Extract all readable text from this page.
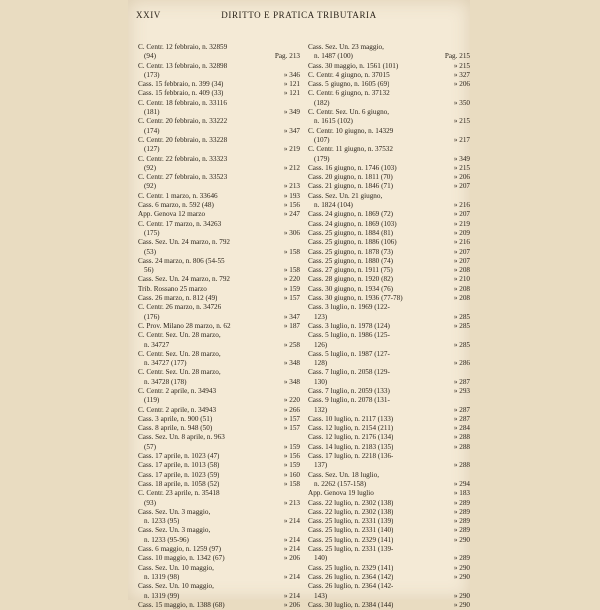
XXIV	DIRITTO E PRATICA TRIBUTARIA
C. Centr. 12 febbraio, n. 32859
(94)	Pag. 213
C. Centr. 13 febbraio, n. 32898
(173)	» 346
Cass. 15 febbraio, n. 399 (34)	» 121
Cass. 15 febbraio, n. 409 (33)	» 121
C. Centr. 18 febbraio, n. 33116
(181)	» 349
C. Centr. 20 febbraio, n. 33222
(174)	» 347
C. Centr. 20 febbraio, n. 33228
(127)	» 219
C. Centr. 22 febbraio, n. 33323
(92)	» 212
C. Centr. 27 febbraio, n. 33523
(92)	» 213
C. Centr. 1 marzo, n. 33646	» 193
Cass. 6 marzo, n. 592 (48)	» 156
App. Genova 12 marzo	» 247
C. Centr. 17 marzo, n. 34263
(175)	» 306
Cass. Sez. Un. 24 marzo, n. 792
(53)	» 158
Cass. 24 marzo, n. 806 (54-55
56)	» 158
Cass. Sez. Un. 24 marzo, n. 792	» 220
Trib. Rossano 25 marzo	» 159
Cass. 26 marzo, n. 812 (49)	» 157
C. Centr. 26 marzo, n. 34726
(176)	» 347
C. Prov. Milano 28 marzo, n. 62	» 187
C. Centr. Sez. Un. 28 marzo,
n. 34727	» 258
C. Centr. Sez. Un. 28 marzo,
n. 34727 (177)	» 348
C. Centr. Sez. Un. 28 marzo,
n. 34728 (178)	» 348
C. Centr. 2 aprile, n. 34943
(119)	» 220
C. Centr. 2 aprile, n. 34943	» 266
Cass. 3 aprile, n. 900 (51)	» 157
Cass. 8 aprile, n. 948 (50)	» 157
Cass. Sez. Un. 8 aprile, n. 963
(57)	» 159
Cass. 17 aprile, n. 1023 (47)	» 156
Cass. 17 aprile, n. 1013 (58)	» 159
Cass. 17 aprile, n. 1023 (59)	» 160
Cass. 18 aprile, n. 1058 (52)	» 158
C. Centr. 23 aprile, n. 35418
(93)	» 213
Cass. Sez. Un. 3 maggio,
n. 1233 (95)	» 214
Cass. Sez. Un. 3 maggio,
n. 1233 (95-96)	» 214
Cass. 6 maggio, n. 1259 (97)	» 214
Cass. 10 maggio, n. 1342 (67)	» 206
Cass. Sez. Un. 10 maggio,
n. 1319 (98)	» 214
Cass. Sez. Un. 10 maggio,
n. 1319 (99)	» 214
Cass. 15 maggio, n. 1388 (68)	» 206
Cass. Sez. Un. 23 maggio,
n. 1487 (100)	Pag. 215
Cass. 30 maggio, n. 1561 (101)	» 215
C. Centr. 4 giugno, n. 37015	» 327
Cass. 5 giugno, n. 1605 (69)	» 206
C. Centr. 6 giugno, n. 37132
(182)	» 350
C. Centr. Sez. Un. 6 giugno,
n. 1615 (102)	» 215
C. Centr. 10 giugno, n. 14329
(107)	» 217
C. Centr. 11 giugno, n. 37532
(179)	» 349
Cass. 16 giugno, n. 1746 (103)	» 215
Cass. 20 giugno, n. 1811 (70)	» 206
Cass. 21 giugno, n. 1846 (71)	» 207
Cass. Sez. Un. 21 giugno,
n. 1824 (104)	» 216
Cass. 24 giugno, n. 1869 (72)	» 207
Cass. 24 giugno, n. 1869 (103)	» 219
Cass. 25 giugno, n. 1884 (81)	» 209
Cass. 25 giugno, n. 1886 (106)	» 216
Cass. 25 giugno, n. 1878 (73)	» 207
Cass. 25 giugno, n. 1880 (74)	» 207
Cass. 27 giugno, n. 1911 (75)	» 208
Cass. 28 giugno, n. 1920 (82)	» 210
Cass. 30 giugno, n. 1934 (76)	» 208
Cass. 30 giugno, n. 1936 (77-78)	» 208
Cass. 3 luglio, n. 1969 (122-
123)	» 285
Cass. 3 luglio, n. 1978 (124)	» 285
Cass. 5 luglio, n. 1986 (125-
126)	» 285
Cass. 5 luglio, n. 1987 (127-
128)	» 286
Cass. 7 luglio, n. 2058 (129-
130)	» 287
Cass. 7 luglio, n. 2059 (133)	» 293
Cass. 9 luglio, n. 2078 (131-
132)	» 287
Cass. 10 luglio, n. 2117 (133)	» 287
Cass. 12 luglio, n. 2154 (211)	» 284
Cass. 12 luglio, n. 2176 (134)	» 288
Cass. 14 luglio, n. 2183 (135)	» 288
Cass. 17 luglio, n. 2218 (136-
137)	» 288
Cass. Sez. Un. 18 luglio,
n. 2262 (157-158)	» 294
App. Genova 19 luglio	» 183
Cass. 22 luglio, n. 2302 (138)	» 289
Cass. 22 luglio, n. 2302 (138)	» 289
Cass. 25 luglio, n. 2331 (139)	» 289
Cass. 25 luglio, n. 2331 (140)	» 289
Cass. 25 luglio, n. 2329 (141)	» 290
Cass. 25 luglio, n. 2331 (139-
140)	» 289
Cass. 25 luglio, n. 2329 (141)	» 290
Cass. 26 luglio, n. 2364 (142)	» 290
Cass. 26 luglio, n. 2364 (142-
143)	» 290
Cass. 30 luglio, n. 2384 (144)	» 290
